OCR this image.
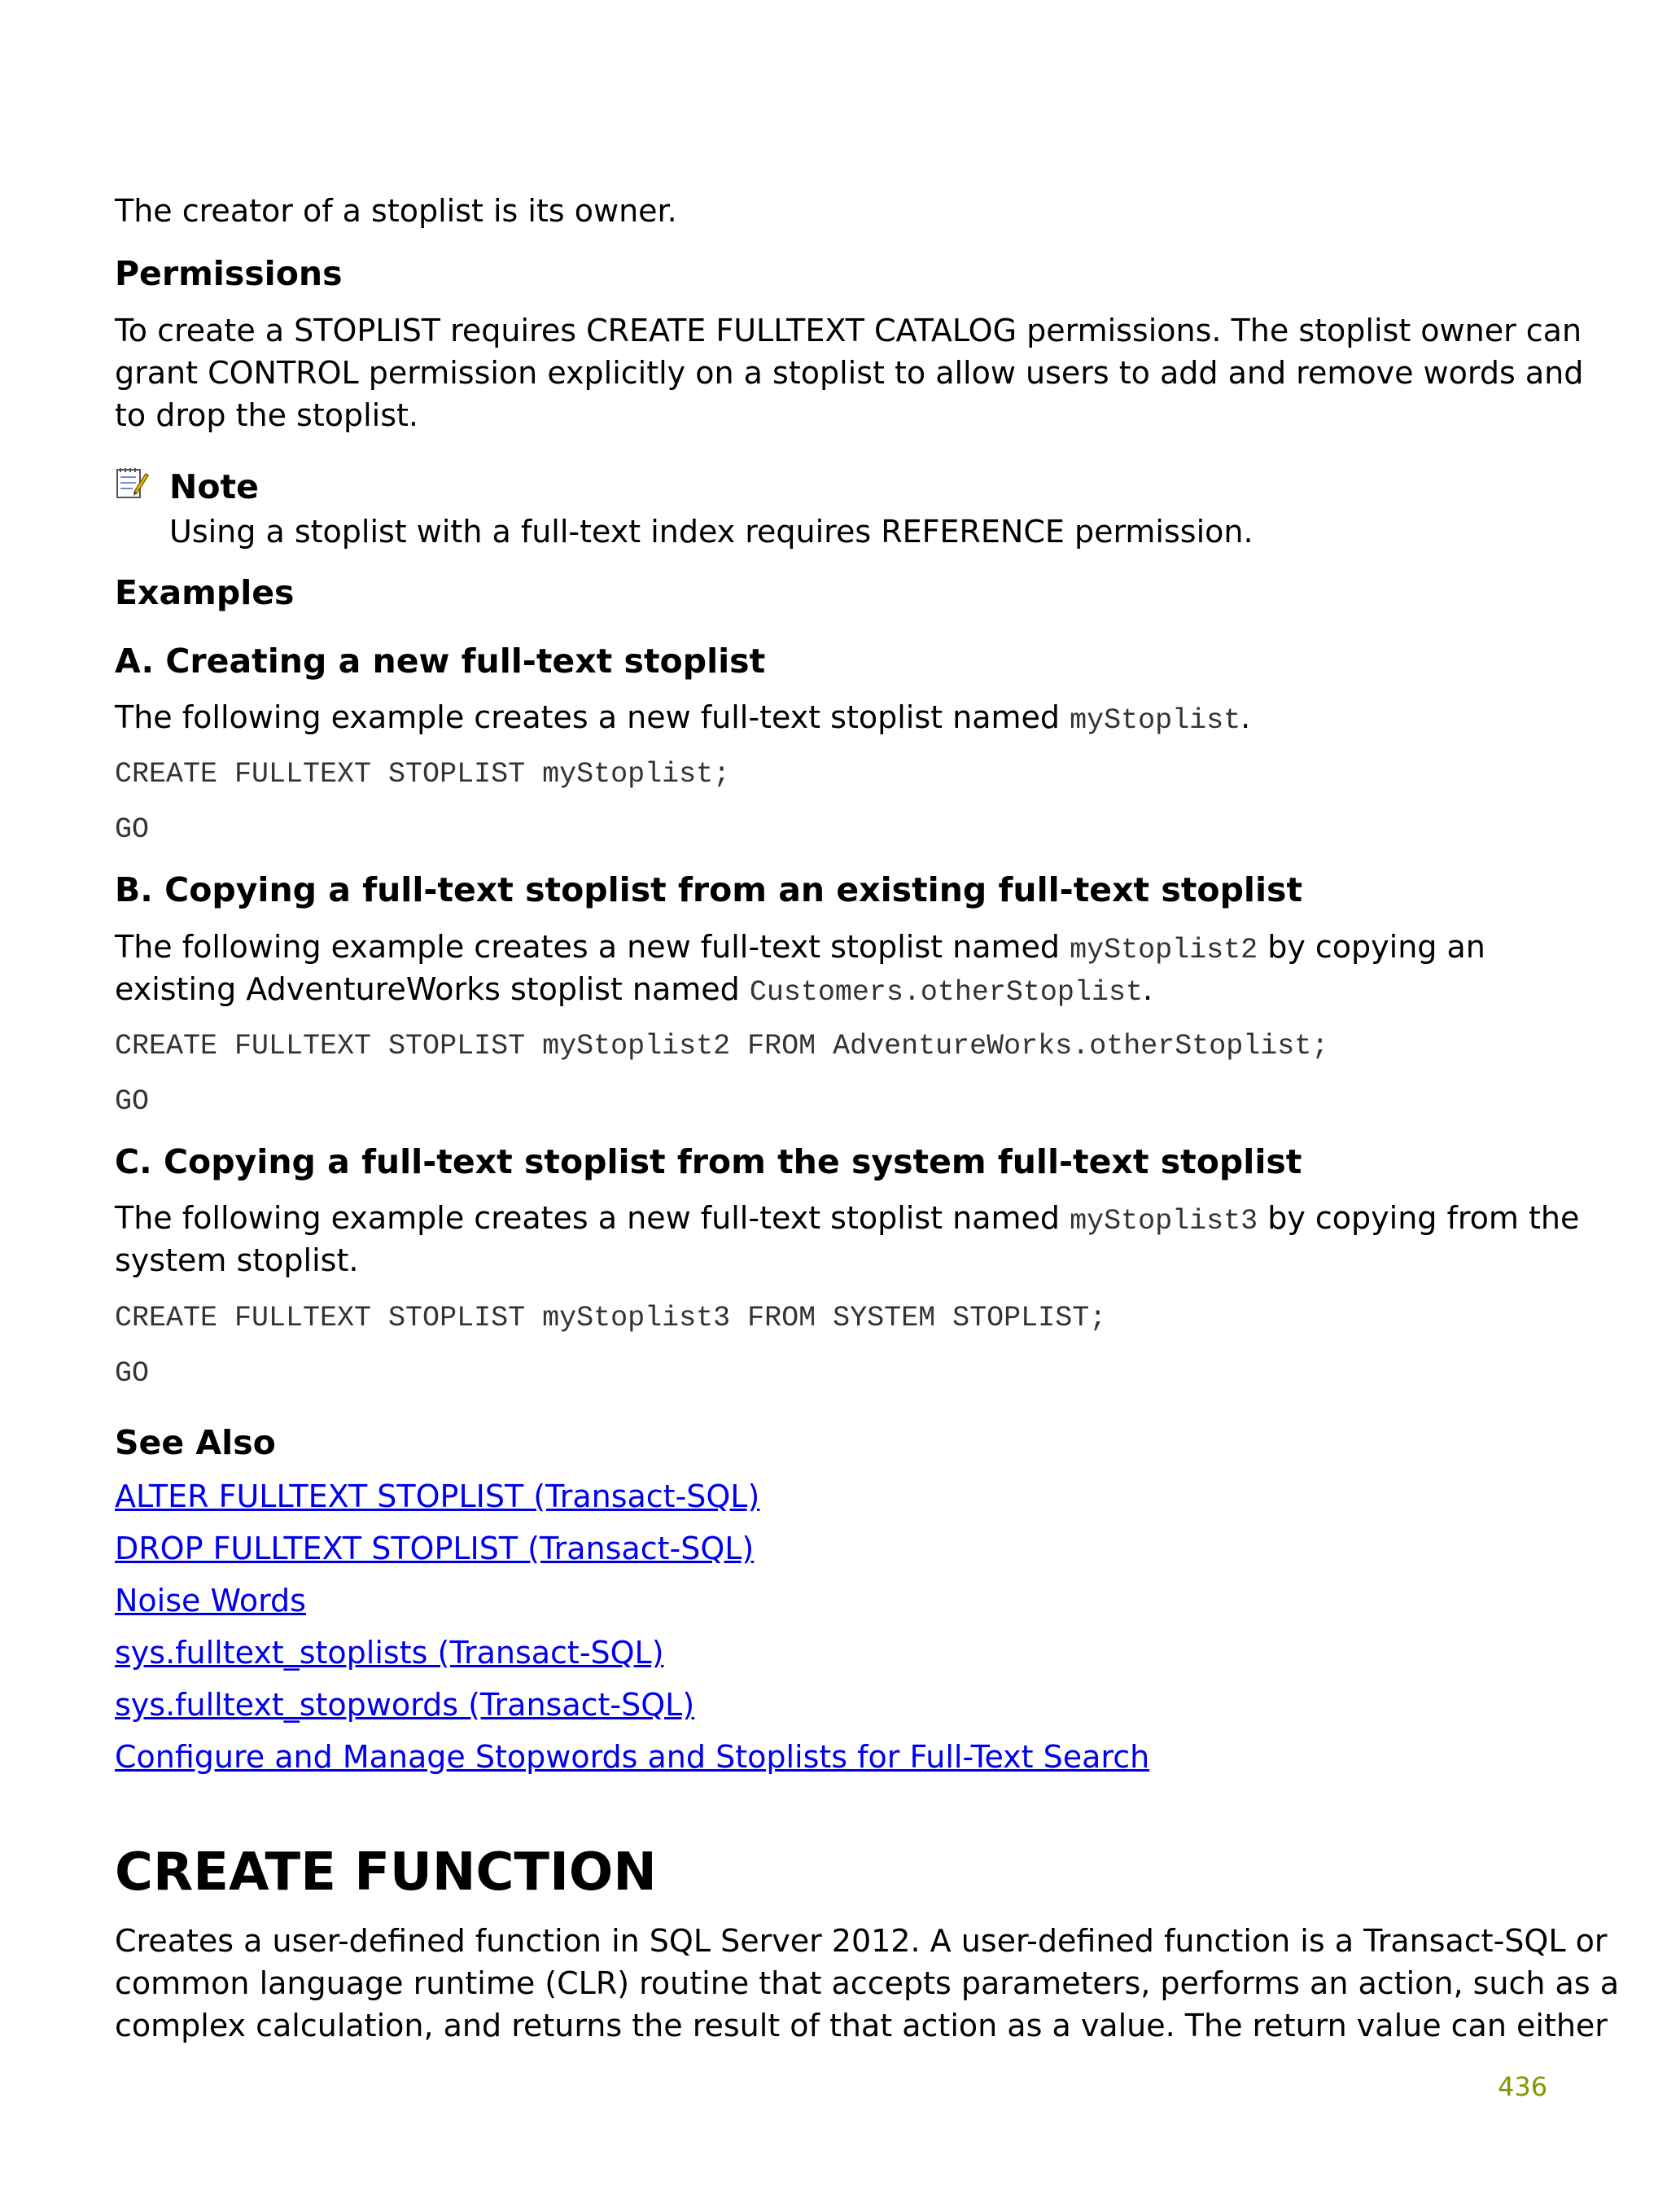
The creator of a stoplist is its owner.
Permissions
To create a STOPLIST requires CREATE FULLTEXT CATALOG permissions. The stoplist owner can
grant CONTROL permission explicitly on a stoplist to allow users to add and remove words and
to drop the stoplist.
Note
Using a stoplist with a full-text index requires REFERENCE permission.
Examples
A. Creating a new full-text stoplist
The following example creates a new full-text stoplist named myStoplist.
CREATE FULLTEXT STOPLIST myStoplist;
GO
B. Copying a full-text stoplist from an existing full-text stoplist
The following example creates a new full-text stoplist named myStoplist2 by copying an
existing AdventureWorks stoplist named Customers.otherStoplist.
CREATE FULLTEXT STOPLIST myStoplist2 FROM AdventureWorks.otherStoplist;
GO
C. Copying a full-text stoplist from the system full-text stoplist
The following example creates a new full-text stoplist named myStoplist3 by copying from the
system stoplist.
CREATE FULLTEXT STOPLIST myStoplist3 FROM SYSTEM STOPLIST;
GO
See Also
ALTER FULLTEXT STOPLIST (Transact-SQL)
DROP FULLTEXT STOPLIST (Transact-SQL)
Noise Words
sys.fulltext_stoplists (Transact-SQL)
sys.fulltext_stopwords (Transact-SQL)
Configure and Manage Stopwords and Stoplists for Full-Text Search
CREATE FUNCTION
Creates a user-defined function in SQL Server 2012. A user-defined function is a Transact-SQL or
common language runtime (CLR) routine that accepts parameters, performs an action, such as a
complex calculation, and returns the result of that action as a value. The return value can either
436
